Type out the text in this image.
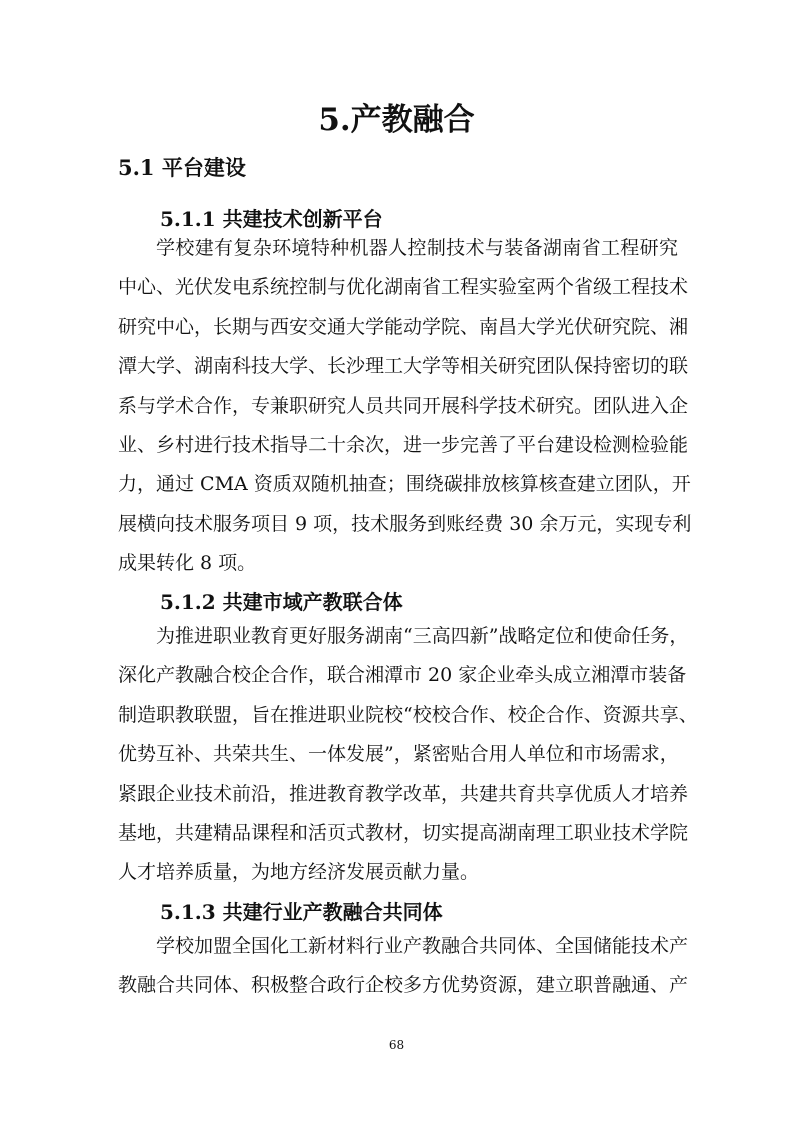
5.产教融合
5.1 平台建设
5.1.1 共建技术创新平台
学校建有复杂环境特种机器人控制技术与装备湖南省工程研究
中心、光伏发电系统控制与优化湖南省工程实验室两个省级工程技术
研究中心，长期与西安交通大学能动学院、南昌大学光伏研究院、湘
潭大学、湖南科技大学、长沙理工大学等相关研究团队保持密切的联
系与学术合作，专兼职研究人员共同开展科学技术研究。团队进入企
业、乡村进行技术指导二十余次，进一步完善了平台建设检测检验能
力，通过 CMA 资质双随机抽查；围绕碳排放核算核查建立团队，开
展横向技术服务项目 9 项，技术服务到账经费 30 余万元，实现专利
成果转化 8 项。
5.1.2 共建市域产教联合体
为推进职业教育更好服务湖南“三高四新”战略定位和使命任务，
深化产教融合校企合作，联合湘潭市 20 家企业牵头成立湘潭市装备
制造职教联盟，旨在推进职业院校“校校合作、校企合作、资源共享、
优势互补、共荣共生、一体发展”，紧密贴合用人单位和市场需求，
紧跟企业技术前沿，推进教育教学改革，共建共育共享优质人才培养
基地，共建精品课程和活页式教材，切实提高湖南理工职业技术学院
人才培养质量，为地方经济发展贡献力量。
5.1.3 共建行业产教融合共同体
学校加盟全国化工新材料行业产教融合共同体、全国储能技术产
教融合共同体、积极整合政行企校多方优势资源，建立职普融通、产
68
